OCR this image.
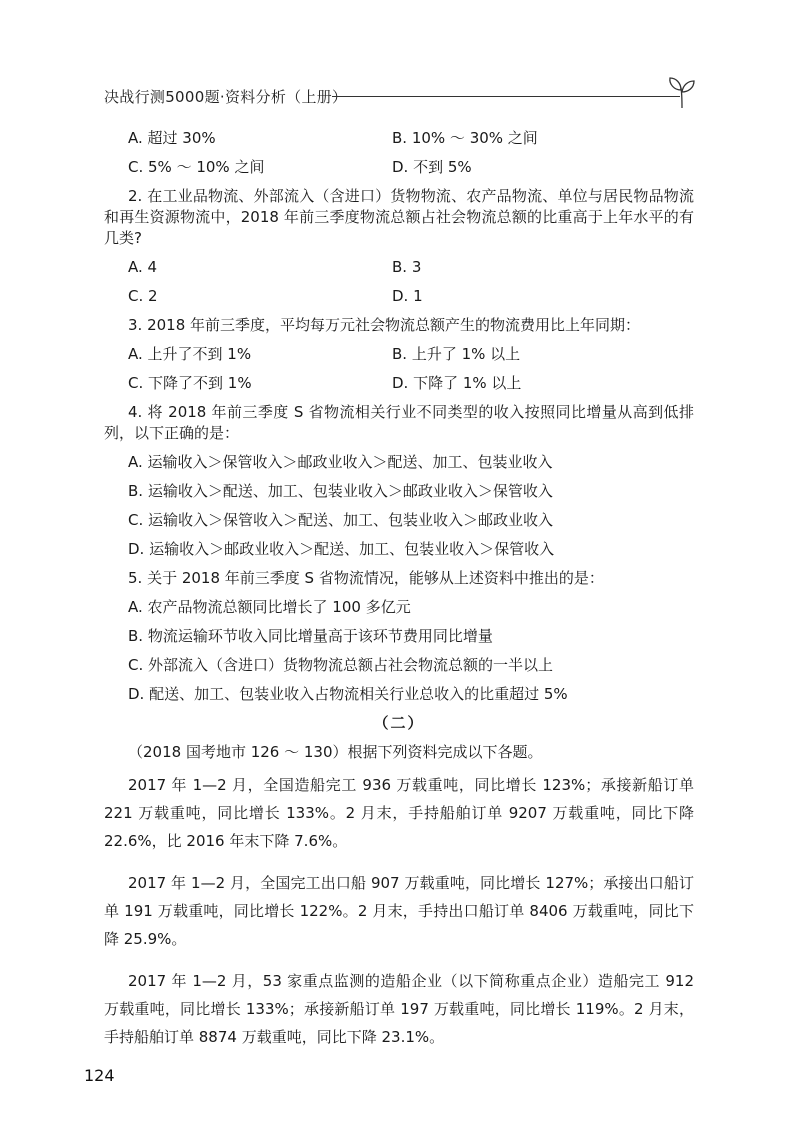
决战行测5000题·资料分析（上册）
A. 超过 30%	B. 10% ～ 30% 之间
C. 5% ～ 10% 之间	D. 不到 5%

2. 在工业品物流、外部流入（含进口）货物物流、农产品物流、单位与居民物品物流和再生资源物流中，2018 年前三季度物流总额占社会物流总额的比重高于上年水平的有几类?

A. 4	B. 3
C. 2	D. 1

3. 2018 年前三季度，平均每万元社会物流总额产生的物流费用比上年同期：

A. 上升了不到 1%	B. 上升了 1% 以上
C. 下降了不到 1%	D. 下降了 1% 以上

4. 将 2018 年前三季度 S 省物流相关行业不同类型的收入按照同比增量从高到低排列，以下正确的是：

A. 运输收入＞保管收入＞邮政业收入＞配送、加工、包装业收入
B. 运输收入＞配送、加工、包装业收入＞邮政业收入＞保管收入
C. 运输收入＞保管收入＞配送、加工、包装业收入＞邮政业收入
D. 运输收入＞邮政业收入＞配送、加工、包装业收入＞保管收入

5. 关于 2018 年前三季度 S 省物流情况，能够从上述资料中推出的是：

A. 农产品物流总额同比增长了 100 多亿元
B. 物流运输环节收入同比增量高于该环节费用同比增量
C. 外部流入（含进口）货物物流总额占社会物流总额的一半以上
D. 配送、加工、包装业收入占物流相关行业总收入的比重超过 5%
（二）

（2018 国考地市 126 ～ 130）根据下列资料完成以下各题。

2017 年 1—2 月，全国造船完工 936 万载重吨，同比增长 123%；承接新船订单 221 万载重吨，同比增长 133%。2 月末，手持船舶订单 9207 万载重吨，同比下降 22.6%，比 2016 年末下降 7.6%。

2017 年 1—2 月，全国完工出口船 907 万载重吨，同比增长 127%；承接出口船订单 191 万载重吨，同比增长 122%。2 月末，手持出口船订单 8406 万载重吨，同比下降 25.9%。

2017 年 1—2 月，53 家重点监测的造船企业（以下简称重点企业）造船完工 912 万载重吨，同比增长 133%；承接新船订单 197 万载重吨，同比增长 119%。2 月末，手持船舶订单 8874 万载重吨，同比下降 23.1%。

124
